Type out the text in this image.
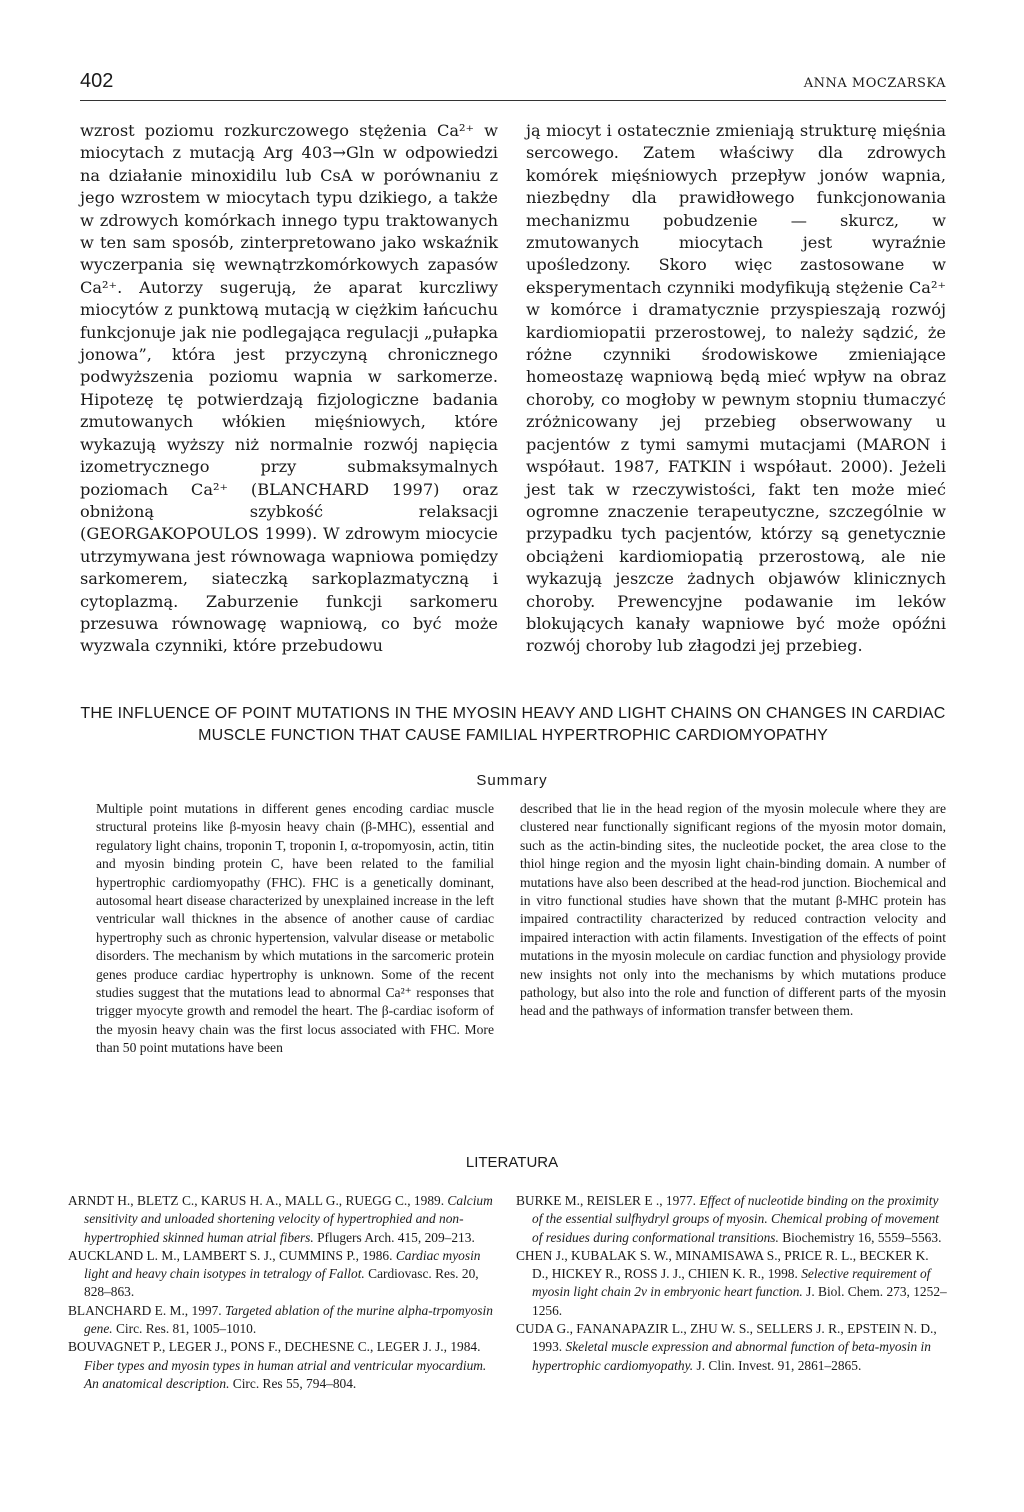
402	ANNA MOCZARSKA

wzrost poziomu rozkurczowego stężenia Ca²⁺ w miocytach z mutacją Arg 403→Gln w odpowiedzi na działanie minoxidilu lub CsA w porównaniu z jego wzrostem w miocytach typu dzikiego, a także w zdrowych komórkach innego typu traktowanych w ten sam sposób, zinterpretowano jako wskaźnik wyczerpania się wewnątrzkomórkowych zapasów Ca²⁺. Autorzy sugerują, że aparat kurczliwy miocytów z punktową mutacją w ciężkim łańcuchu funkcjonuje jak nie podlegająca regulacji „pułapka jonowa”, która jest przyczyną chronicznego podwyższenia poziomu wapnia w sarkomerze. Hipotezę tę potwierdzają fizjologiczne badania zmutowanych włókien mięśniowych, które wykazują wyższy niż normalnie rozwój napięcia izometrycznego przy submaksymalnych poziomach Ca²⁺ (BLANCHARD 1997) oraz obniżoną szybkość relaksacji (GEORGAKOPOULOS 1999). W zdrowym miocycie utrzymywana jest równowaga wapniowa pomiędzy sarkomerem, siateczką sarkoplazmatyczną i cytoplazmą. Zaburzenie funkcji sarkomeru przesuwa równowagę wapniową, co być może wyzwala czynniki, które przebudowu

ją miocyt i ostatecznie zmieniają strukturę mięśnia sercowego. Zatem właściwy dla zdrowych komórek mięśniowych przepływ jonów wapnia, niezbędny dla prawidłowego funkcjonowania mechanizmu pobudzenie — skurcz, w zmutowanych miocytach jest wyraźnie upośledzony. Skoro więc zastosowane w eksperymentach czynniki modyfikują stężenie Ca²⁺ w komórce i dramatycznie przyspieszają rozwój kardiomiopatii przerostowej, to należy sądzić, że różne czynniki środowiskowe zmieniające homeostazę wapniową będą mieć wpływ na obraz choroby, co mogłoby w pewnym stopniu tłumaczyć zróżnicowany jej przebieg obserwowany u pacjentów z tymi samymi mutacjami (MARON i współaut. 1987, FATKIN i współaut. 2000). Jeżeli jest tak w rzeczywistości, fakt ten może mieć ogromne znaczenie terapeutyczne, szczególnie w przypadku tych pacjentów, którzy są genetycznie obciążeni kardiomiopatią przerostową, ale nie wykazują jeszcze żadnych objawów klinicznych choroby. Prewencyjne podawanie im leków blokujących kanały wapniowe być może opóźni rozwój choroby lub złagodzi jej przebieg.

THE INFLUENCE OF POINT MUTATIONS IN THE MYOSIN HEAVY AND LIGHT CHAINS ON CHANGES IN CARDIAC MUSCLE FUNCTION THAT CAUSE FAMILIAL HYPERTROPHIC CARDIOMYOPATHY
Summary

Multiple point mutations in different genes encoding cardiac muscle structural proteins like β-myosin heavy chain (β-MHC), essential and regulatory light chains, troponin T, troponin I, α-tropomyosin, actin, titin and myosin binding protein C, have been related to the familial hypertrophic cardiomyopathy (FHC). FHC is a genetically dominant, autosomal heart disease characterized by unexplained increase in the left ventricular wall thicknes in the absence of another cause of cardiac hypertrophy such as chronic hypertension, valvular disease or metabolic disorders. The mechanism by which mutations in the sarcomeric protein genes produce cardiac hypertrophy is unknown. Some of the recent studies suggest that the mutations lead to abnormal Ca²⁺ responses that trigger myocyte growth and remodel the heart. The β-cardiac isoform of the myosin heavy chain was the first locus associated with FHC. More than 50 point mutations have been

described that lie in the head region of the myosin molecule where they are clustered near functionally significant regions of the myosin motor domain, such as the actin-binding sites, the nucleotide pocket, the area close to the thiol hinge region and the myosin light chain-binding domain. A number of mutations have also been described at the head-rod junction. Biochemical and in vitro functional studies have shown that the mutant β-MHC protein has impaired contractility characterized by reduced contraction velocity and impaired interaction with actin filaments. Investigation of the effects of point mutations in the myosin molecule on cardiac function and physiology provide new insights not only into the mechanisms by which mutations produce pathology, but also into the role and function of different parts of the myosin head and the pathways of information transfer between them.

LITERATURA

ARNDT H., BLETZ C., KARUS H. A., MALL G., RUEGG C., 1989. Calcium sensitivity and unloaded shortening velocity of hypertrophied and non-hypertrophied skinned human atrial fibers. Pflugers Arch. 415, 209–213.

AUCKLAND L. M., LAMBERT S. J., CUMMINS P., 1986. Cardiac myosin light and heavy chain isotypes in tetralogy of Fallot. Cardiovasc. Res. 20, 828–863.

BLANCHARD E. M., 1997. Targeted ablation of the murine alpha-trpomyosin gene. Circ. Res. 81, 1005–1010.

BOUVAGNET P., LEGER J., PONS F., DECHESNE C., LEGER J. J., 1984. Fiber types and myosin types in human atrial and ventricular myocardium. An anatomical description. Circ. Res 55, 794–804.

BURKE M., REISLER E ., 1977. Effect of nucleotide binding on the proximity of the essential sulfhydryl groups of myosin. Chemical probing of movement of residues during conformational transitions. Biochemistry 16, 5559–5563.

CHEN J., KUBALAK S. W., MINAMISAWA S., PRICE R. L., BECKER K. D., HICKEY R., ROSS J. J., CHIEN K. R., 1998. Selective requirement of myosin light chain 2v in embryonic heart function. J. Biol. Chem. 273, 1252–1256.

CUDA G., FANANAPAZIR L., ZHU W. S., SELLERS J. R., EPSTEIN N. D., 1993. Skeletal muscle expression and abnormal function of beta-myosin in hypertrophic cardiomyopathy. J. Clin. Invest. 91, 2861–2865.
